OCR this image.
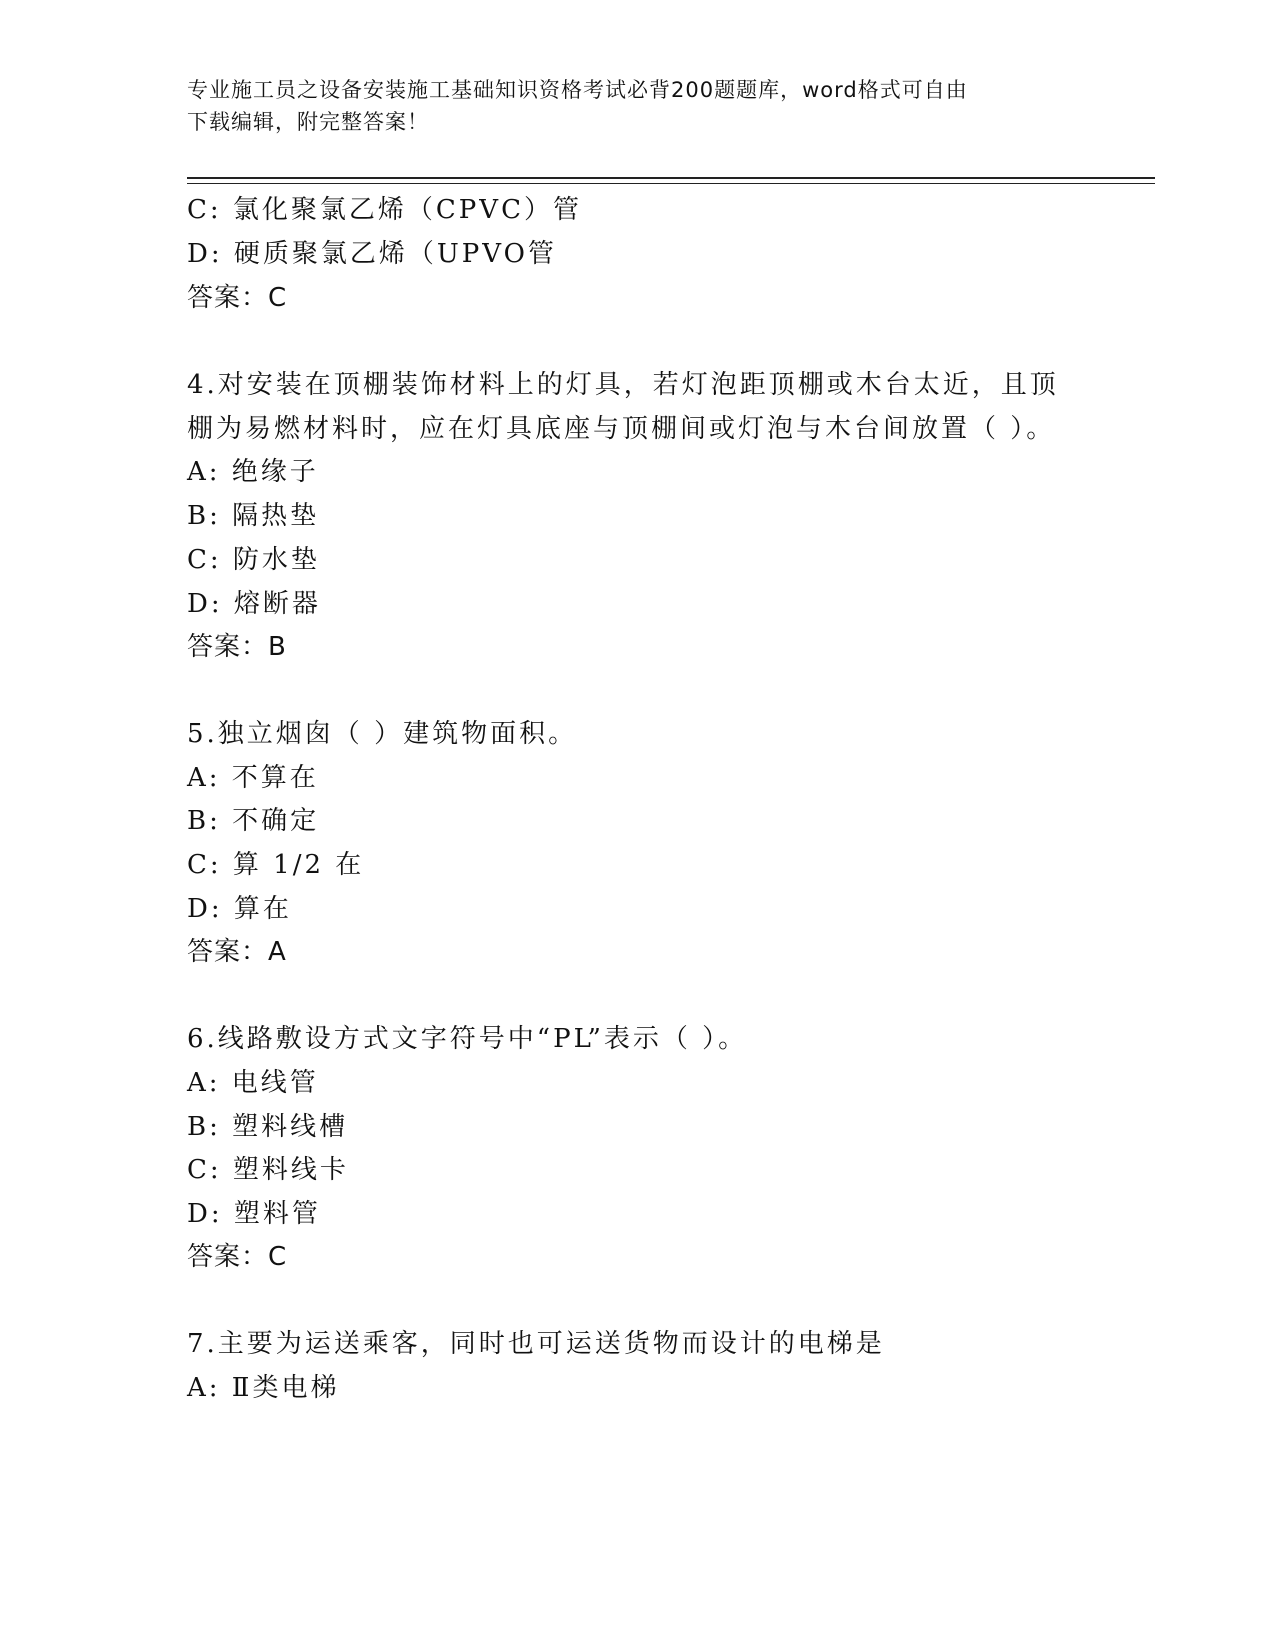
专业施工员之设备安装施工基础知识资格考试必背200题题库，word格式可自由
下载编辑，附完整答案！
C: 氯化聚氯乙烯（CPVC）管
D: 硬质聚氯乙烯（UPVO管
答案：C
4.对安装在顶棚装饰材料上的灯具，若灯泡距顶棚或木台太近，且顶
棚为易燃材料时，应在灯具底座与顶棚间或灯泡与木台间放置（ ）。
A: 绝缘子
B: 隔热垫
C: 防水垫
D: 熔断器
答案：B
5.独立烟囱（ ）建筑物面积。
A: 不算在
B: 不确定
C: 算 1/2 在
D: 算在
答案：A
6.线路敷设方式文字符号中“PL”表示（ ）。
A: 电线管
B: 塑料线槽
C: 塑料线卡
D: 塑料管
答案：C
7.主要为运送乘客，同时也可运送货物而设计的电梯是
A: Ⅱ类电梯
